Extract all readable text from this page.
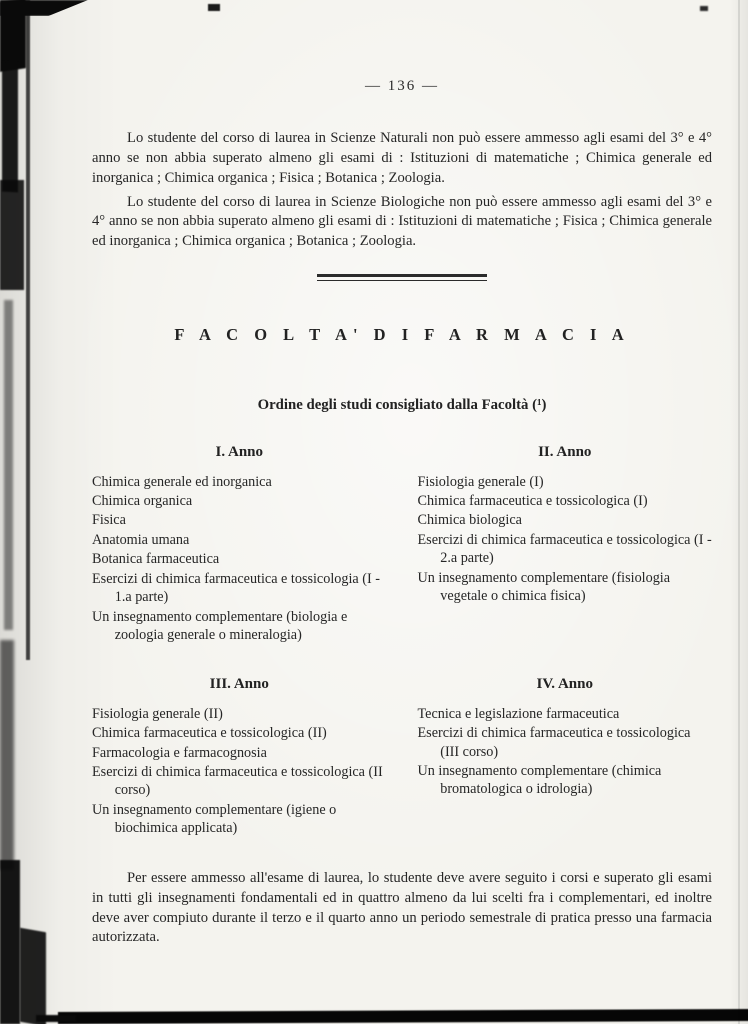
— 136 —

Lo studente del corso di laurea in Scienze Naturali non può essere ammesso agli esami del 3° e 4° anno se non abbia superato almeno gli esami di : Istituzioni di matematiche ; Chimica generale ed inorganica ; Chimica organica ; Fisica ; Botanica ; Zoologia.

Lo studente del corso di laurea in Scienze Biologiche non può essere ammesso agli esami del 3° e 4° anno se non abbia superato almeno gli esami di : Istituzioni di matematiche ; Fisica ; Chimica generale ed inorganica ; Chimica organica ; Botanica ; Zoologia.

F A C O L T A' D I F A R M A C I A
Ordine degli studi consigliato dalla Facoltà (¹)
I. Anno
Chimica generale ed inorganica
Chimica organica
Fisica
Anatomia umana
Botanica farmaceutica
Esercizi di chimica farmaceutica e tossicologia (I - 1.a parte)
Un insegnamento complementare (biologia e zoologia generale o mineralogia)
II. Anno
Fisiologia generale (I)
Chimica farmaceutica e tossicologica (I)
Chimica biologica
Esercizi di chimica farmaceutica e tossicologica (I - 2.a parte)
Un insegnamento complementare (fisiologia vegetale o chimica fisica)
III. Anno
Fisiologia generale (II)
Chimica farmaceutica e tossicologica (II)
Farmacologia e farmacognosia
Esercizi di chimica farmaceutica e tossicologica (II corso)
Un insegnamento complementare (igiene o biochimica applicata)
IV. Anno
Tecnica e legislazione farmaceutica
Esercizi di chimica farmaceutica e tossicologica (III corso)
Un insegnamento complementare (chimica bromatologica o idrologia)

Per essere ammesso all'esame di laurea, lo studente deve avere seguito i corsi e superato gli esami in tutti gli insegnamenti fondamentali ed in quattro almeno da lui scelti fra i complementari, ed inoltre deve aver compiuto durante il terzo e il quarto anno un periodo semestrale di pratica presso una farmacia autorizzata.
